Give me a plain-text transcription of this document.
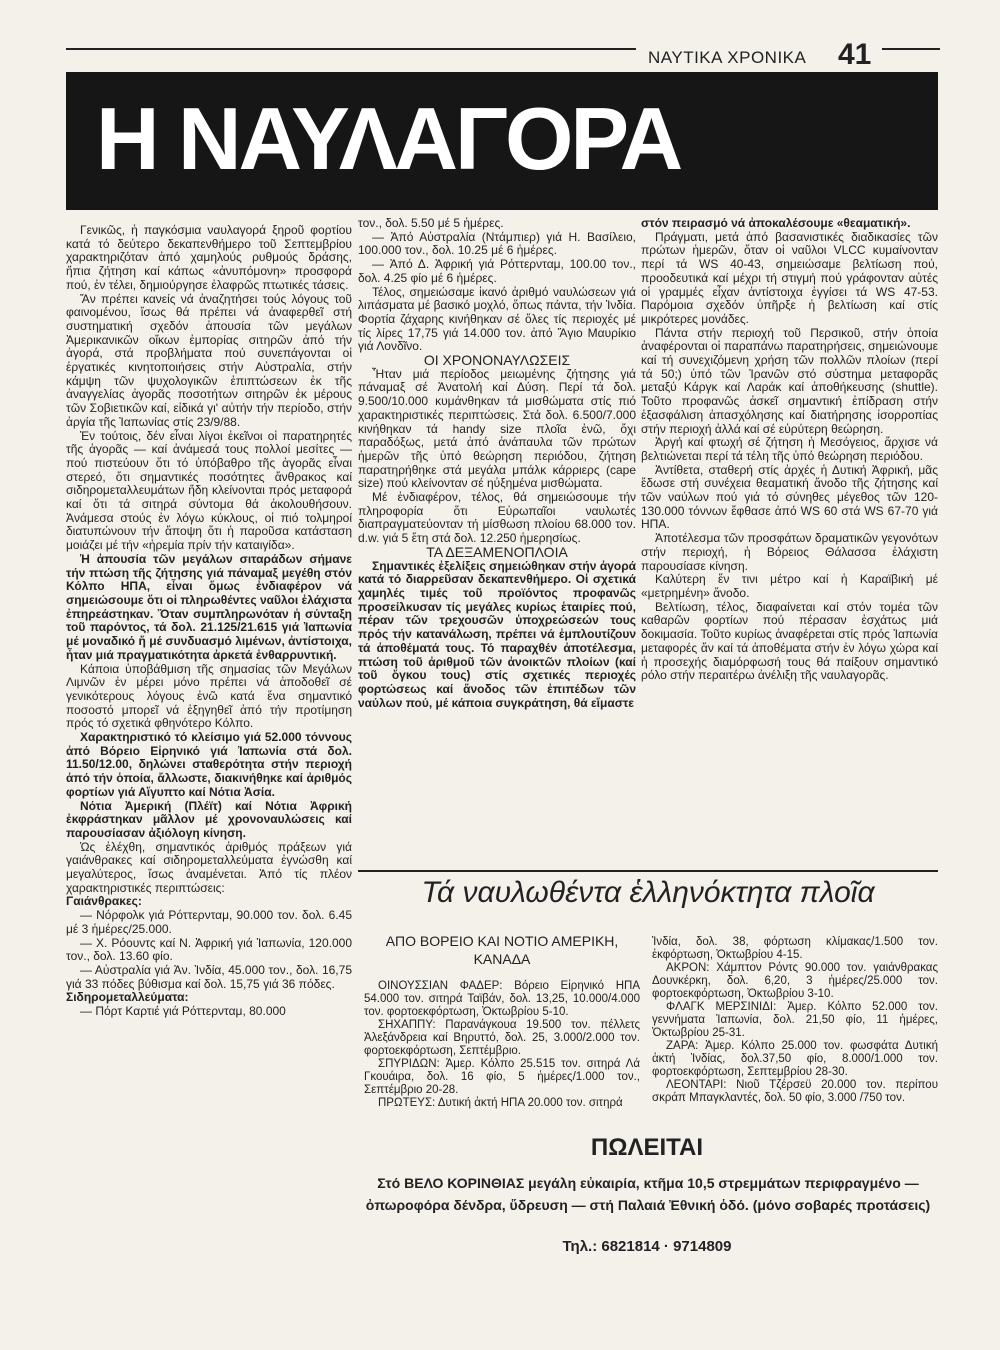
ΝΑΥΤΙΚΑ ΧΡΟΝΙΚΑ 41
Η ΝΑΥΛΑΓΟΡΑ

Γενικῶς, ἡ παγκόσμια ναυλαγορά ξηροῦ φορτίου κατά τό δεύτερο δεκαπενθήμερο τοῦ Σεπτεμβρίου χαρακτηριζόταν ἀπό χαμηλούς ρυθμούς δράσης, ἤπια ζήτηση καί κάπως «ἀνυπόμονη» προσφορά πού, ἐν τέλει, δημιούργησε ἐλαφρῶς πτωτικές τάσεις.

Ἄν πρέπει κανείς νά ἀναζητήσει τούς λόγους τοῦ φαινομένου, ἴσως θά πρέπει νά ἀναφερθεῖ στή συστηματική σχεδόν ἀπουσία τῶν μεγάλων Ἀμερικανικῶν οἴκων ἐμπορίας σιτηρῶν ἀπό τήν ἀγορά, στά προβλήματα πού συνεπάγονται οἱ ἐργατικές κινητοποιήσεις στήν Αὐστραλία, στήν κάμψη τῶν ψυχολογικῶν ἐπιπτώσεων ἐκ τῆς ἀναγγελίας ἀγορᾶς ποσοτήτων σιτηρῶν ἐκ μέρους τῶν Σοβιετικῶν καί, εἰδικά γι' αὐτήν τήν περίοδο, στήν ἀργία τῆς Ἰαπωνίας στίς 23/9/88.

Ἐν τούτοις, δέν εἶναι λίγοι ἐκεῖνοι οἱ παρατηρητές τῆς ἀγορᾶς — καί ἀνάμεσά τους πολλοί μεσίτες — πού πιστεύουν ὅτι τό ὑπόβαθρο τῆς ἀγορᾶς εἶναι στερεό, ὅτι σημαντικές ποσότητες ἄνθρακος καί σιδηρομεταλλευμάτων ἤδη κλείνονται πρός μεταφορά καί ὅτι τά σιτηρά σύντομα θά ἀκολουθήσουν. Ἀνάμεσα στούς ἐν λόγω κύκλους, οἱ πιό τολμηροί διατυπώνουν τήν ἄποψη ὅτι ἡ παροῦσα κατάσταση μοιάζει μέ τήν «ἠρεμία πρίν τήν καταιγίδα».

Ἡ ἀπουσία τῶν μεγάλων σιταράδων σήμανε τήν πτώση τῆς ζήτησης γιά πάναμαξ μεγέθη στόν Κόλπο ΗΠΑ, εἶναι ὅμως ἐνδιαφέρον νά σημειώσουμε ὅτι οἱ πληρωθέντες ναῦλοι ἐλάχιστα ἐπηρεάστηκαν. Ὅταν συμπληρωνόταν ἡ σύνταξη τοῦ παρόντος, τά δολ. 21.125/21.615 γιά Ἰαπωνία μέ μοναδικό ἤ μέ συνδυασμό λιμένων, ἀντίστοιχα, ἦταν μιά πραγματικότητα ἀρκετά ἐνθαρρυντική.

Κάποια ὑποβάθμιση τῆς σημασίας τῶν Μεγάλων Λιμνῶν ἐν μέρει μόνο πρέπει νά ἀποδοθεῖ σέ γενικότερους λόγους ἐνῶ κατά ἕνα σημαντικό ποσοστό μπορεῖ νά ἐξηγηθεῖ ἀπό τήν προτίμηση πρός τό σχετικά φθηνότερο Κόλπο.

Χαρακτηριστικό τό κλείσιμο γιά 52.000 τόννους ἀπό Βόρειο Εἰρηνικό γιά Ἰαπωνία στά δολ. 11.50/12.00, δηλώνει σταθερότητα στήν περιοχή ἀπό τήν ὁποία, ἄλλωστε, διακινήθηκε καί ἀριθμός φορτίων γιά Αἴγυπτο καί Νότια Ἀσία.

Νότια Ἀμερική (Πλέϊτ) καί Νότια Ἀφρική ἐκφράστηκαν μᾶλλον μέ χρονοναυλώσεις καί παρουσίασαν ἀξιόλογη κίνηση.

Ὡς ἐλέχθη, σημαντικός ἀριθμός πράξεων γιά γαιάνθρακες καί σιδηρομεταλλεύματα ἐγνώσθη καί μεγαλύτερος, ἴσως ἀναμένεται. Ἀπό τίς πλέον χαρακτηριστικές περιπτώσεις:

Γαιάνθρακες:

— Νόρφολκ γιά Ρόττερνταμ, 90.000 τον. δολ. 6.45 μέ 3 ἡμέρες/25.000.

— Χ. Ρόουντς καί Ν. Ἀφρική γιά Ἰαπωνία, 120.000 τον., δολ. 13.60 φίο.

— Αὐστραλία γιά Ἀν. Ἰνδία, 45.000 τον., δολ. 16,75 γιά 33 πόδες βύθισμα καί δολ. 15,75 γιά 36 πόδες.

Σιδηρομεταλλεύματα:

— Πόρτ Καρτιέ γιά Ρόττερνταμ, 80.000

τον., δολ. 5.50 μέ 5 ἡμέρες.

— Ἀπό Αὐστραλία (Ντάμπιερ) γιά Η. Βασίλειο, 100.000 τον., δολ. 10.25 μέ 6 ἡμέρες.

— Ἀπό Δ. Ἀφρική γιά Ρόττερνταμ, 100.00 τον., δολ. 4.25 φίο μέ 6 ἡμέρες.

Τέλος, σημειώσαμε ἱκανό ἀριθμό ναυλώσεων γιά λιπάσματα μέ βασικό μοχλό, ὅπως πάντα, τήν Ἰνδία. Φορτία ζάχαρης κινήθηκαν σέ ὅλες τίς περιοχές μέ τίς λίρες 17,75 γιά 14.000 τον. ἀπό Ἅγιο Μαυρίκιο γιά Λονδῖνο.

ΟΙ ΧΡΟΝΟΝΑΥΛΩΣΕΙΣ

Ἦταν μιά περίοδος μειωμένης ζήτησης γιά πάναμαξ σέ Ἀνατολή καί Δύση. Περί τά δολ. 9.500/10.000 κυμάνθηκαν τά μισθώματα στίς πιό χαρακτηριστικές περιπτώσεις. Στά δολ. 6.500/7.000 κινήθηκαν τά handy size πλοῖα ἐνῶ, ὄχι παραδόξως, μετά ἀπό ἀνάπαυλα τῶν πρώτων ἡμερῶν τῆς ὑπό θεώρηση περιόδου, ζήτηση παρατηρήθηκε στά μεγάλα μπάλκ κάρριερς (cape size) πού κλείνονταν σέ ηὐξημένα μισθώματα.

Μέ ἐνδιαφέρον, τέλος, θά σημειώσουμε τήν πληροφορία ὅτι Εὐρωπαῖοι ναυλωτές διαπραγματεύονταν τή μίσθωση πλοίου 68.000 τον. d.w. γιά 5 ἔτη στά δολ. 12.250 ἡμερησίως.

ΤΑ ΔΕΞΑΜΕΝΟΠΛΟΙΑ

Σημαντικές ἐξελίξεις σημειώθηκαν στήν ἀγορά κατά τό διαρρεῦσαν δεκαπενθήμερο. Οἱ σχετικά χαμηλές τιμές τοῦ προϊόντος προφανῶς προσείλκυσαν τίς μεγάλες κυρίως ἑταιρίες πού, πέραν τῶν τρεχουσῶν ὑποχρεώσεών τους πρός τήν κατανάλωση, πρέπει νά ἐμπλουτίζουν τά ἀποθέματά τους. Τό παραχθέν ἀποτέλεσμα, πτώση τοῦ ἀριθμοῦ τῶν ἀνοικτῶν πλοίων (καί τοῦ ὄγκου τους) στίς σχετικές περιοχές φορτώσεως καί ἄνοδος τῶν ἐπιπέδων τῶν ναύλων πού, μέ κάποια συγκράτηση, θά εἴμαστε

στόν πειρασμό νά ἀποκαλέσουμε «θεαματική».

Πράγματι, μετά ἀπό βασανιστικές διαδικασίες τῶν πρώτων ἡμερῶν, ὅταν οἱ ναῦλοι VLCC κυμαίνονταν περί τά WS 40-43, σημειώσαμε βελτίωση πού, προοδευτικά καί μέχρι τή στιγμή πού γράφονταν αὐτές οἱ γραμμές εἶχαν ἀντίστοιχα ἐγγίσει τά WS 47-53. Παρόμοια σχεδόν ὑπῆρξε ἡ βελτίωση καί στίς μικρότερες μονάδες.

Πάντα στήν περιοχή τοῦ Περσικοῦ, στήν ὁποία ἀναφέρονται οἱ παραπάνω παρατηρήσεις, σημειώνουμε καί τή συνεχιζόμενη χρήση τῶν πολλῶν πλοίων (περί τά 50;) ὑπό τῶν Ἰρανῶν στό σύστημα μεταφορᾶς μεταξύ Κάργκ καί Λαράκ καί ἀποθήκευσης (shuttle). Τοῦτο προφανῶς ἀσκεῖ σημαντική ἐπίδραση στήν ἐξασφάλιση ἀπασχόλησης καί διατήρησης ἰσορροπίας στήν περιοχή ἀλλά καί σέ εὐρύτερη θεώρηση.

Ἀργή καί φτωχή σέ ζήτηση ἡ Μεσόγειος, ἄρχισε νά βελτιώνεται περί τά τέλη τῆς ὑπό θεώρηση περιόδου.

Ἀντίθετα, σταθερή στίς ἀρχές ἡ Δυτική Ἀφρική, μᾶς ἔδωσε στή συνέχεια θεαματική ἄνοδο τῆς ζήτησης καί τῶν ναύλων πού γιά τό σύνηθες μέγεθος τῶν 120-130.000 τόννων ἔφθασε ἀπό WS 60 στά WS 67-70 γιά ΗΠΑ.

Ἀποτέλεσμα τῶν προσφάτων δραματικῶν γεγονότων στήν περιοχή, ἡ Βόρειος Θάλασσα ἐλάχιστη παρουσίασε κίνηση.

Καλύτερη ἔν τινι μέτρο καί ἡ Καραϊβική μέ «μετρημένη» ἄνοδο.

Βελτίωση, τέλος, διαφαίνεται καί στόν τομέα τῶν καθαρῶν φορτίων πού πέρασαν ἐσχάτως μιά δοκιμασία. Τοῦτο κυρίως ἀναφέρεται στίς πρός Ἰαπωνία μεταφορές ἄν καί τά ἀποθέματα στήν ἐν λόγω χώρα καί ἡ προσεχής διαμόρφωσή τους θά παίξουν σημαντικό ρόλο στήν περαιτέρω ἀνέλιξη τῆς ναυλαγορᾶς.

Τά ναυλωθέντα ἑλληνόκτητα πλοῖα
ΑΠΟ ΒΟΡΕΙΟ ΚΑΙ ΝΟΤΙΟ ΑΜΕΡΙΚΗ, ΚΑΝΑΔΑ

ΟΙΝΟΥΣΣΙΑΝ ΦΑΔΕΡ: Βόρειο Εἰρηνικό ΗΠΑ 54.000 τον. σιτηρά Ταϊβάν, δολ. 13,25, 10.000/4.000 τον. φορτοεκφόρτωση, Ὀκτωβρίου 5-10.

ΣΗΧΑΠΠΥ: Παρανάγκουα 19.500 τον. πέλλετς Ἀλεξάνδρεια καί Βηρυττό, δολ. 25, 3.000/2.000 τον. φορτοεκφόρτωση, Σεπτέμβριο.

ΣΠΥΡΙΔΩΝ: Ἀμερ. Κόλπο 25.515 τον. σιτηρά Λά Γκουάιρα, δολ. 16 φίο, 5 ἡμέρες/1.000 τον., Σεπτέμβριο 20-28.

ΠΡΩΤΕΥΣ: Δυτική ἀκτή ΗΠΑ 20.000 τον. σιτηρά

Ἰνδία, δολ. 38, φόρτωση κλίμακας/1.500 τον. ἐκφόρτωση, Ὀκτωβρίου 4-15.

ΑΚΡΟΝ: Χάμπτον Ρόντς 90.000 τον. γαιάνθρακας Δουνκέρκη, δολ. 6,20, 3 ἡμέρες/25.000 τον. φορτοεκφόρτωση, Ὀκτωβρίου 3-10.

ΦΛΑΓΚ ΜΕΡΣΙΝΙΔΙ: Ἀμερ. Κόλπο 52.000 τον. γεννήματα Ἰαπωνία, δολ. 21,50 φίο, 11 ἡμέρες, Ὀκτωβρίου 25-31.

ΖΑΡΑ: Ἀμερ. Κόλπο 25.000 τον. φωσφάτα Δυτική ἀκτή Ἰνδίας, δολ.37,50 φίο, 8.000/1.000 τον. φορτοεκφόρτωση, Σεπτεμβρίου 28-30.

ΛΕΟΝΤΑΡΙ: Νιοῦ Τζέρσεϋ 20.000 τον. περίπου σκράπ Μπαγκλαντές, δολ. 50 φίο, 3.000 /750 τον.

ΠΩΛΕΙΤΑΙ
Στό ΒΕΛΟ ΚΟΡΙΝΘΙΑΣ μεγάλη εὐκαιρία, κτῆμα 10,5 στρεμμάτων περιφραγμένο — ὀπωροφόρα δένδρα, ὕδρευση — στή Παλαιά Ἐθνική ὁδό. (μόνο σοβαρές προτάσεις)
Τηλ.: 6821814 · 9714809
